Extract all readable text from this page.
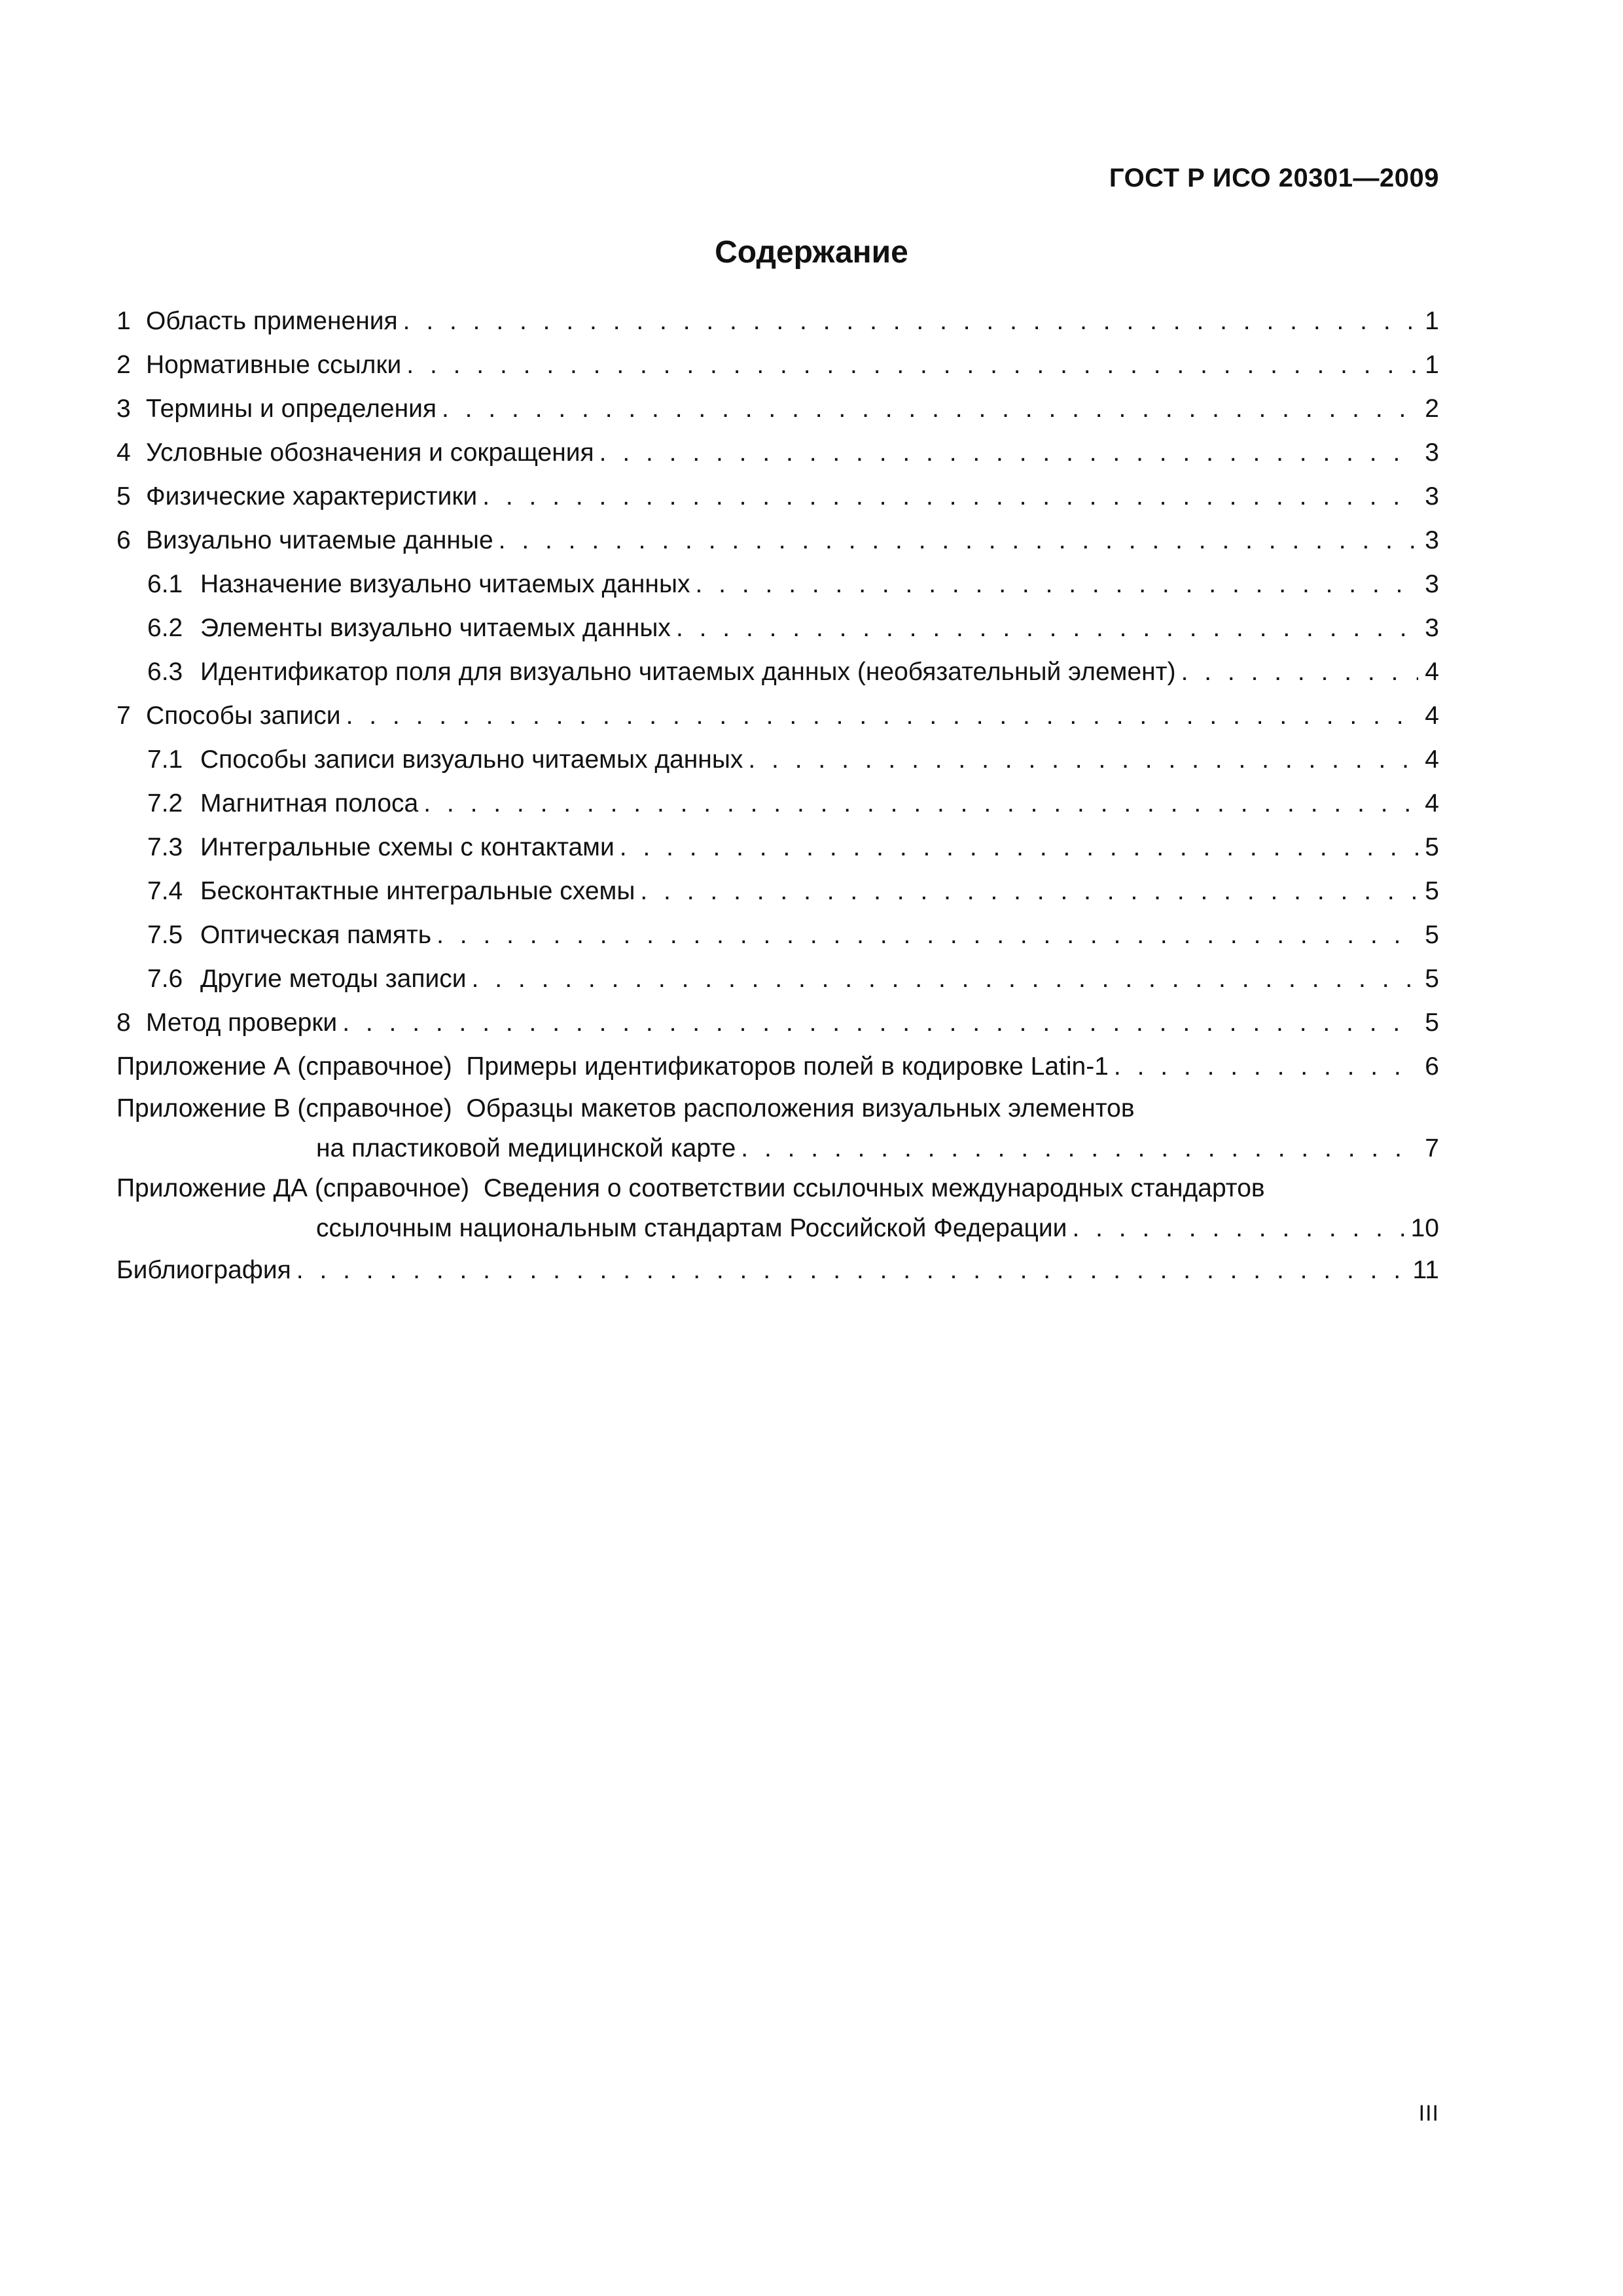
ГОСТ Р ИСО 20301—2009
Содержание
1 Область применения . . .	1
2 Нормативные ссылки . . .	1
3 Термины и определения . . .	2
4 Условные обозначения и сокращения . . .	3
5 Физические характеристики . . .	3
6 Визуально читаемые данные . . .	3
6.1 Назначение визуально читаемых данных . . .	3
6.2 Элементы визуально читаемых данных . . .	3
6.3 Идентификатор поля для визуально читаемых данных (необязательный элемент) . . .	4
7 Способы записи . . .	4
7.1 Способы записи визуально читаемых данных . . .	4
7.2 Магнитная полоса . . .	4
7.3 Интегральные схемы с контактами . . .	5
7.4 Бесконтактные интегральные схемы . . .	5
7.5 Оптическая память . . .	5
7.6 Другие методы записи . . .	5
8 Метод проверки . . .	5
Приложение А (справочное)  Примеры идентификаторов полей в кодировке Latin-1 . . .	6
Приложение В (справочное)  Образцы макетов расположения визуальных элементов
на пластиковой медицинской карте . . .	7
Приложение ДА (справочное)  Сведения о соответствии ссылочных международных стандартов
ссылочным национальным стандартам Российской Федерации . . .	10
Библиография . . .	11
III
